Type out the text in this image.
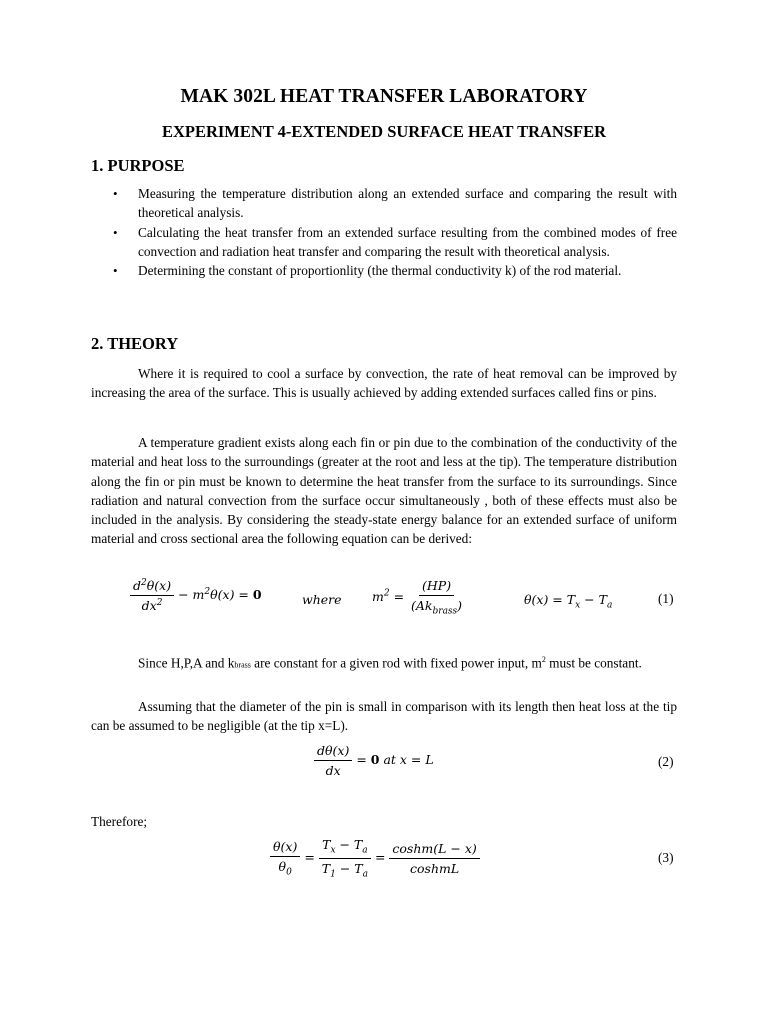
MAK 302L HEAT TRANSFER LABORATORY
EXPERIMENT 4-EXTENDED SURFACE HEAT TRANSFER
1. PURPOSE
• Measuring the temperature distribution along an extended surface and comparing the result with theoretical analysis.
• Calculating the heat transfer from an extended surface resulting from the combined modes of free convection and radiation heat transfer and comparing the result with theoretical analysis.
• Determining the constant of proportionlity (the thermal conductivity k) of the rod material.
2. THEORY
Where it is required to cool a surface by convection, the rate of heat removal can be improved by increasing the area of the surface. This is usually achieved by adding extended surfaces called fins or pins.
A temperature gradient exists along each fin or pin due to the combination of the conductivity of the material and heat loss to the surroundings (greater at the root and less at the tip). The temperature distribution along the fin or pin must be known to determine the heat transfer from the surface to its surroundings. Since radiation and natural convection from the surface occur simultaneously , both of these effects must also be included in the analysis. By considering the steady-state energy balance for an extended surface of uniform material and cross sectional area the following equation can be derived:
$\frac{d^2\theta(x)}{dx^2} - m^2\theta(x) = 0$	where $m^2 = \frac{(HP)}{(Ak_{brass})}$	$\theta(x) = T_x - T_a$	(1)
Since H,P,A and kbrass are constant for a given rod with fixed power input, $m^2$ must be constant.
Assuming that the diameter of the pin is small in comparison with its length then heat loss at the tip can be assumed to be negligible (at the tip x=L).
$\frac{d\theta(x)}{dx} = 0$ at x = L	(2)
Therefore;
$\frac{\theta(x)}{\theta_0} = \frac{T_x - T_a}{T_1 - T_a} = \frac{\cosh m(L - x)}{\text{coshmL}}$	(3)
